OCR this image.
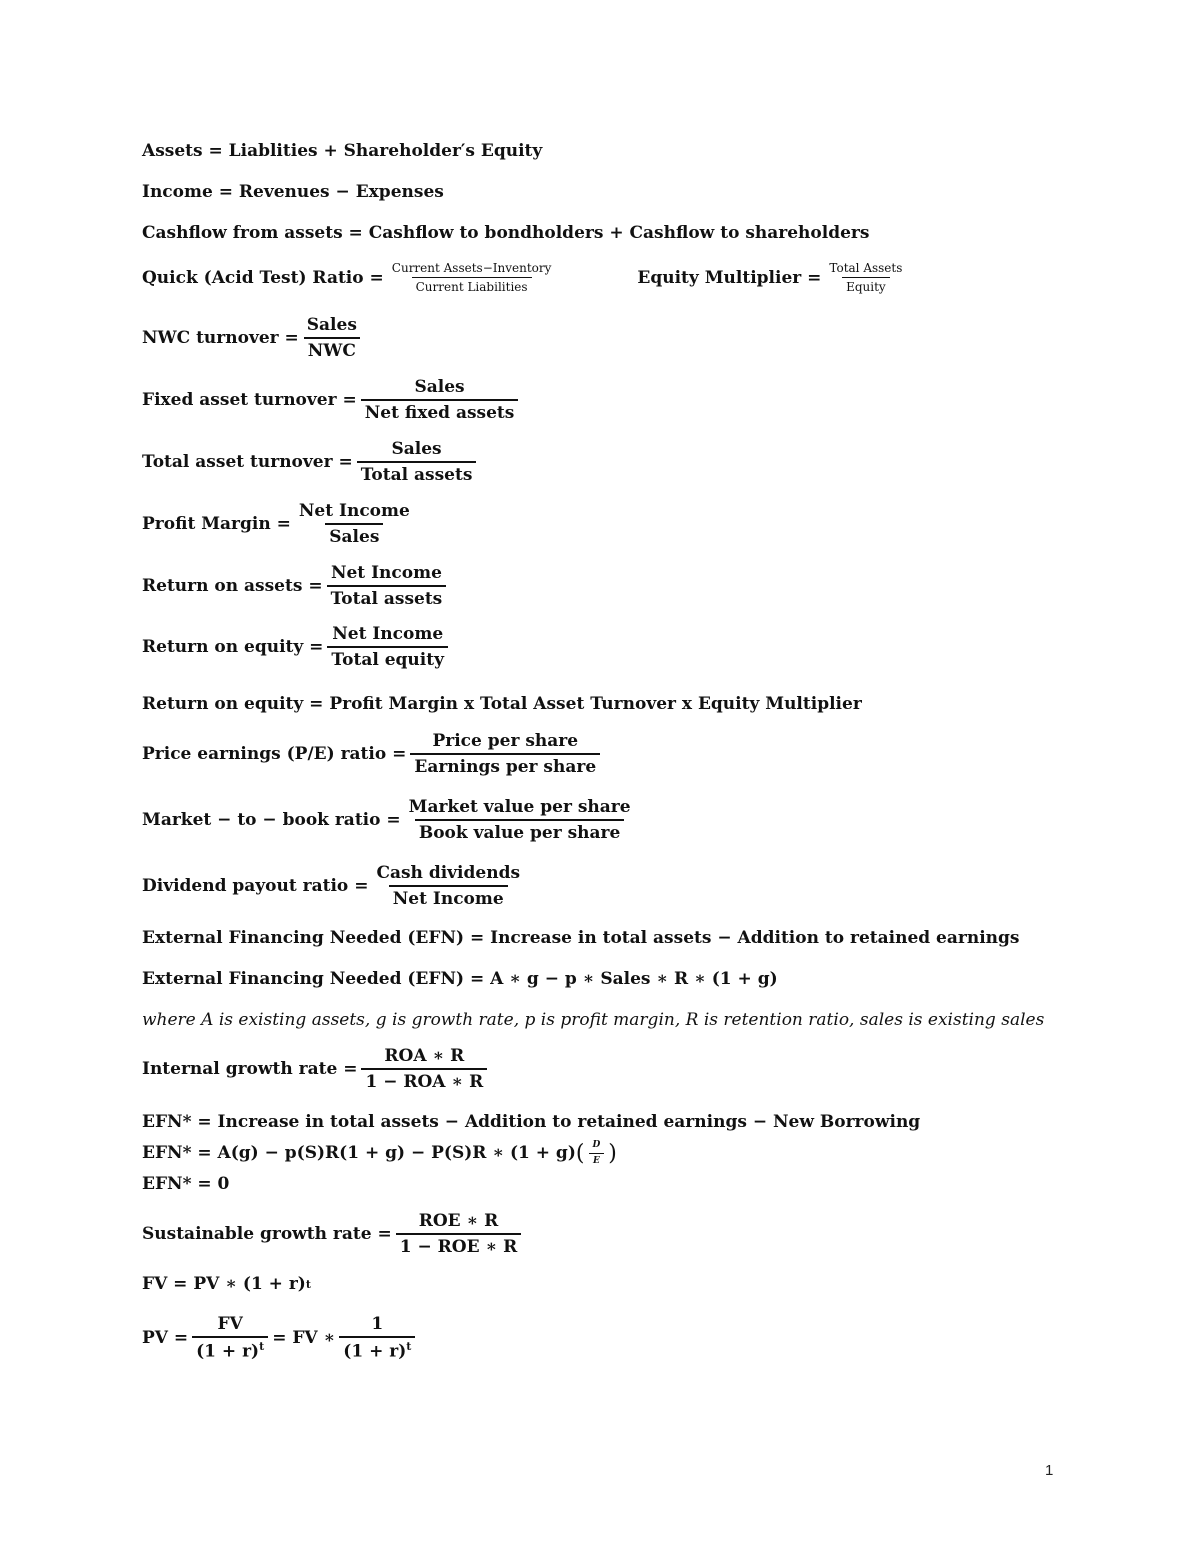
Assets = Liablities + Shareholder′s Equity
Income = Revenues − Expenses
Cashflow from assets = Cashflow to bondholders + Cashflow to shareholders
Quick (Acid Test) Ratio = $\frac{\text{Current Assets−Inventory}}{\text{Current Liabilities}}$	Equity Multiplier = $\frac{\text{Total Assets}}{\text{Equity}}$
NWC turnover = $\frac{\text{Sales}}{\text{NWC}}$
Fixed asset turnover = $\frac{\text{Sales}}{\text{Net fixed assets}}$
Total asset turnover = $\frac{\text{Sales}}{\text{Total assets}}$
Profit Margin = $\frac{\text{Net Income}}{\text{Sales}}$
Return on assets = $\frac{\text{Net Income}}{\text{Total assets}}$
Return on equity = $\frac{\text{Net Income}}{\text{Total equity}}$
Return on equity = Profit Margin x Total Asset Turnover x Equity Multiplier
Price earnings (P/E) ratio = $\frac{\text{Price per share}}{\text{Earnings per share}}$
Market − to − book ratio = $\frac{\text{Market value per share}}{\text{Book value per share}}$
Dividend payout ratio = $\frac{\text{Cash dividends}}{\text{Net Income}}$
External Financing Needed (EFN) = Increase in total assets − Addition to retained earnings
External Financing Needed (EFN) = A ∗ g − p ∗ Sales ∗ R ∗ (1 + g)
where A is existing assets, g is growth rate, p is profit margin, R is retention ratio, sales is existing sales
Internal growth rate = $\frac{\text{ROA ∗ R}}{\text{1 − ROA ∗ R}}$
EFN* = Increase in total assets − Addition to retained earnings − New Borrowing
EFN* = A(g) − p(S)R(1 + g) − P(S)R ∗ (1 + g) ( $\frac{D}{E}$ )
EFN* = 0
Sustainable growth rate = $\frac{\text{ROE ∗ R}}{\text{1 − ROE ∗ R}}$
FV = PV ∗ (1 + r) t
PV = $\frac{FV}{(1 + r)^t}$ = FV ∗ $\frac{1}{(1 + r)^t}$
1
